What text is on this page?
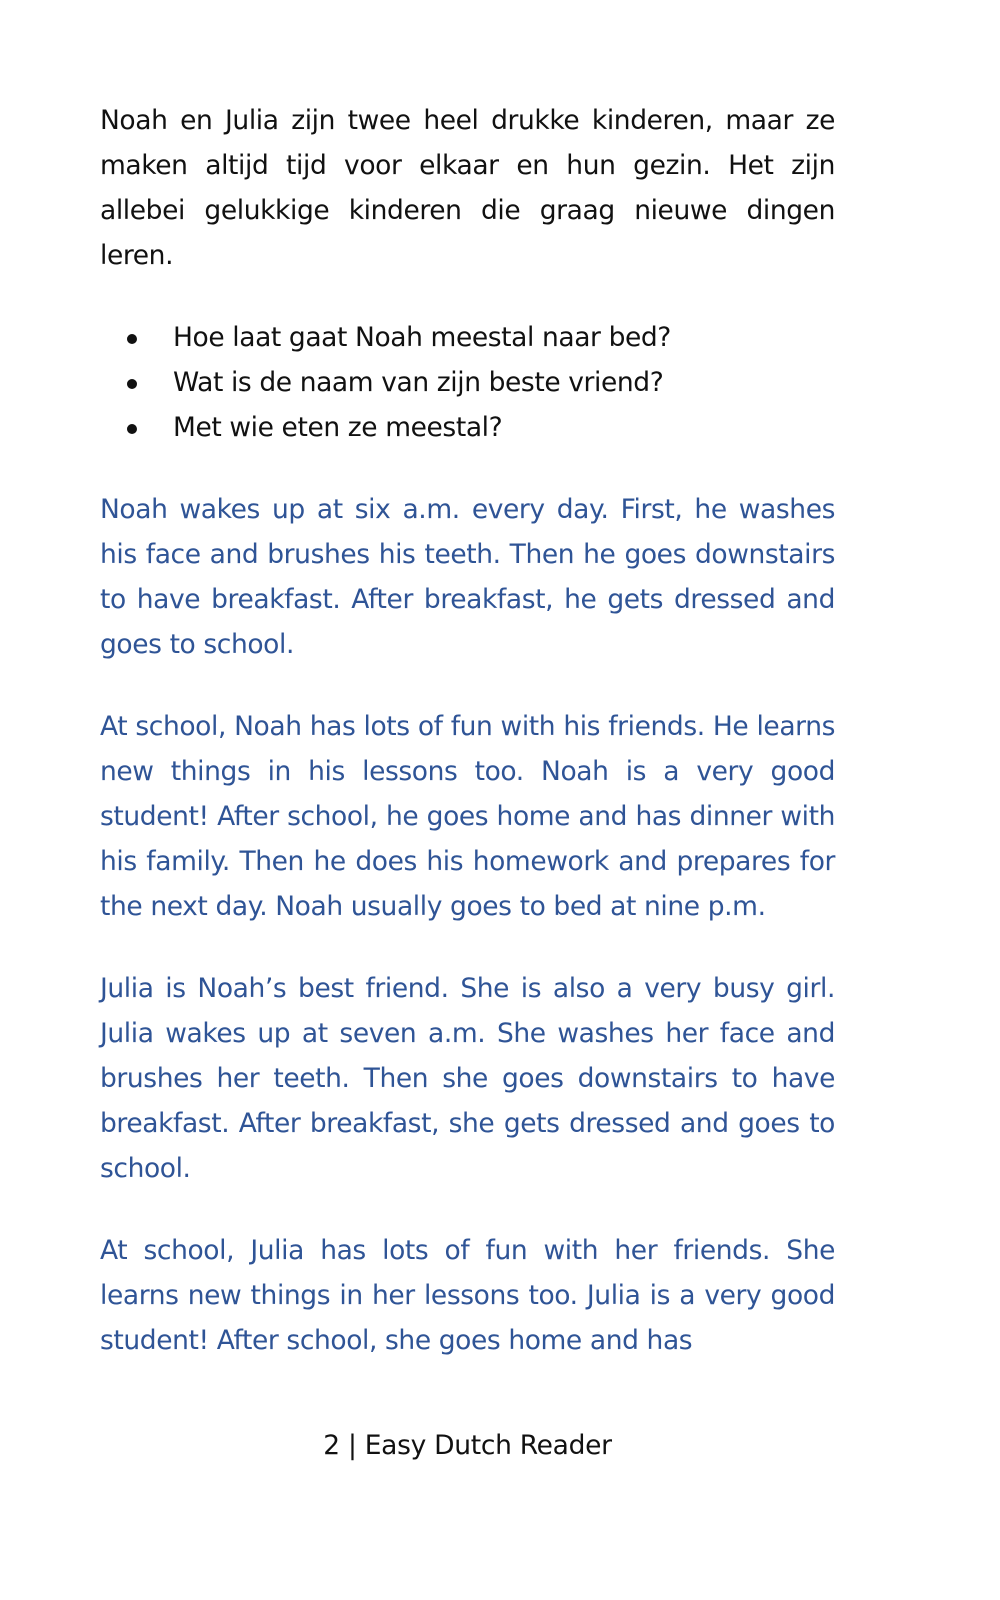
Noah en Julia zijn twee heel drukke kinderen, maar ze maken altijd tijd voor elkaar en hun gezin. Het zijn allebei gelukkige kinderen die graag nieuwe dingen leren.

Hoe laat gaat Noah meestal naar bed?
Wat is de naam van zijn beste vriend?
Met wie eten ze meestal?

Noah wakes up at six a.m. every day. First, he washes his face and brushes his teeth. Then he goes downstairs to have breakfast. After breakfast, he gets dressed and goes to school.

At school, Noah has lots of fun with his friends. He learns new things in his lessons too. Noah is a very good student! After school, he goes home and has dinner with his family. Then he does his homework and prepares for the next day. Noah usually goes to bed at nine p.m.

Julia is Noah’s best friend. She is also a very busy girl. Julia wakes up at seven a.m. She washes her face and brushes her teeth. Then she goes downstairs to have breakfast. After breakfast, she gets dressed and goes to school.

At school, Julia has lots of fun with her friends. She learns new things in her lessons too. Julia is a very good student! After school, she goes home and has

2 | Easy Dutch Reader
